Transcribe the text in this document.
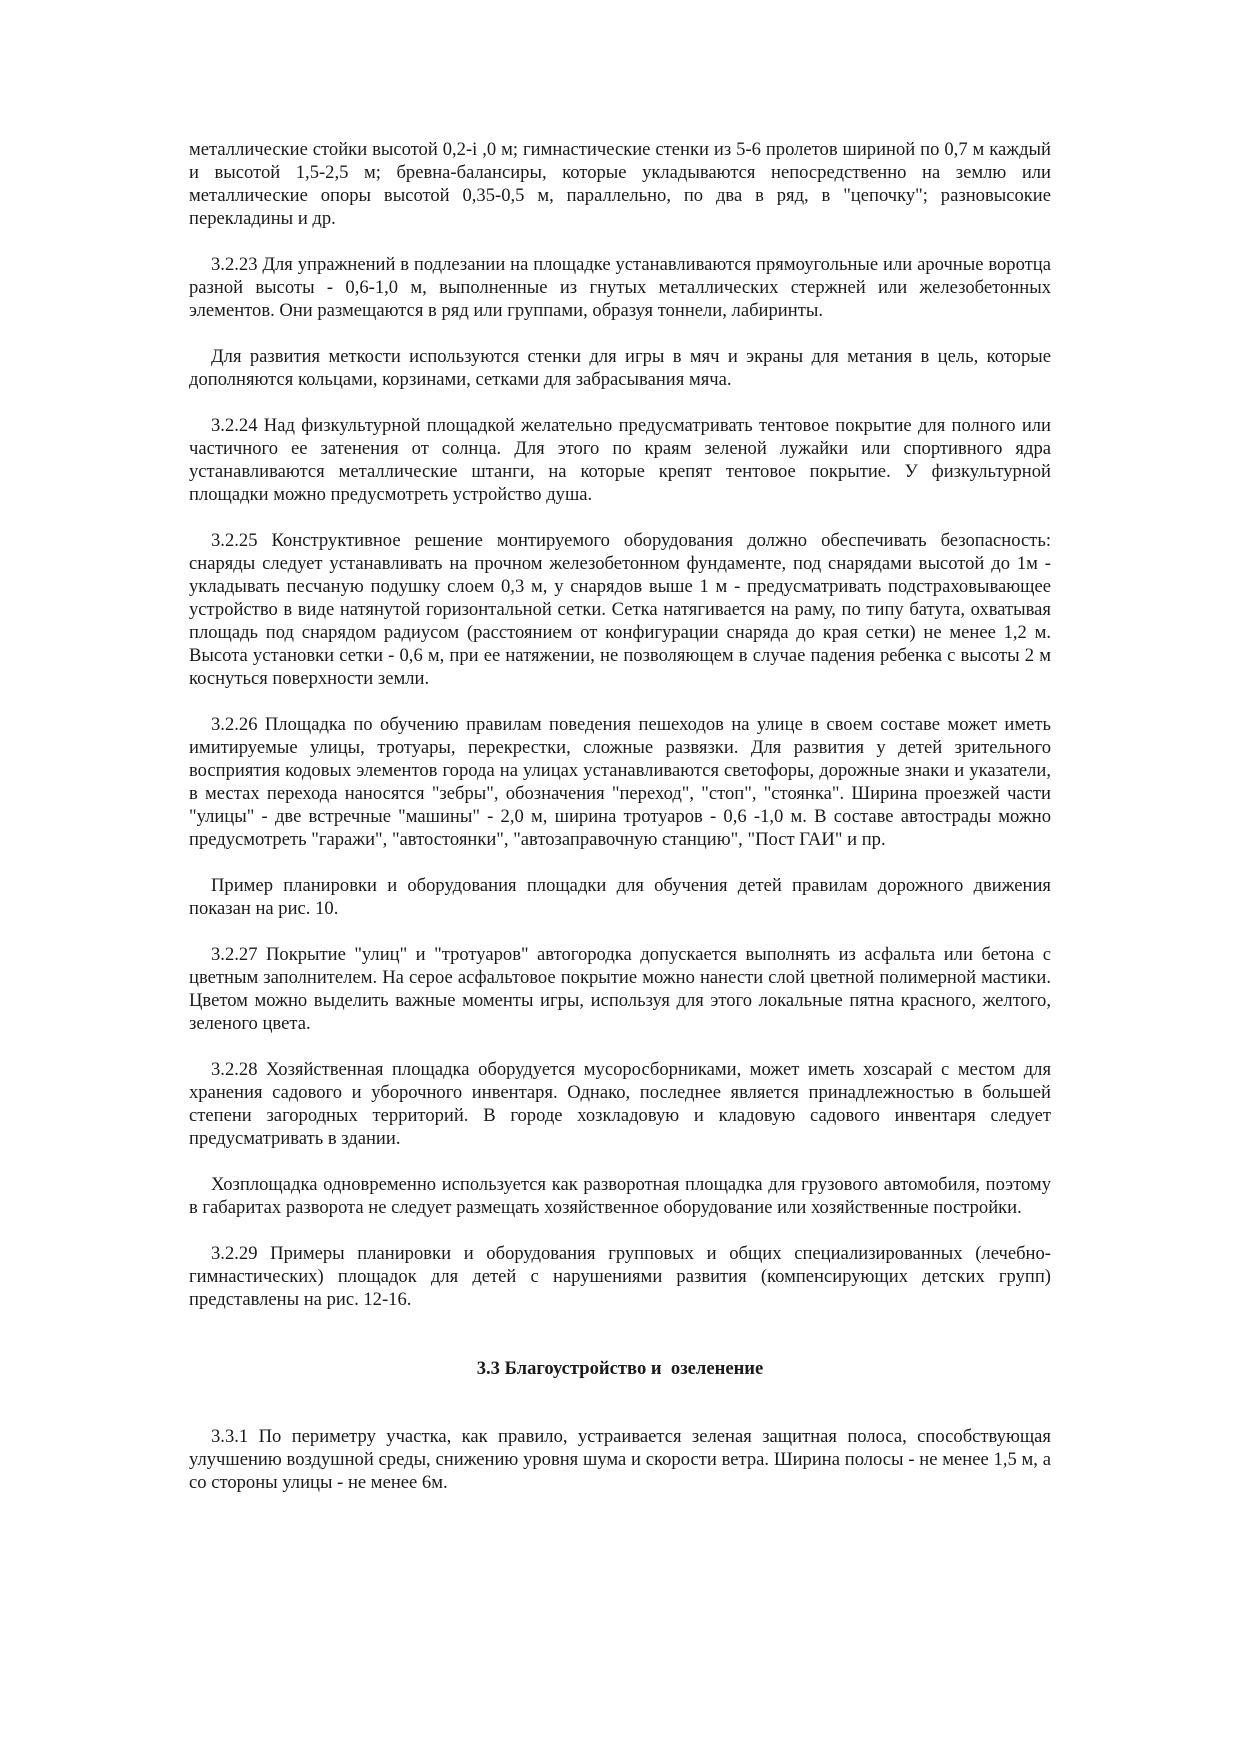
металлические стойки высотой 0,2-і ,0 м; гимнастические стенки из 5-6 пролетов шириной по 0,7 м каждый и высотой 1,5-2,5 м; бревна-балансиры, которые укладываются непосредственно на землю или металлические опоры высотой 0,35-0,5 м, параллельно, по два в ряд, в "цепочку"; разновысокие перекладины и др.

3.2.23 Для упражнений в подлезании на площадке устанавливаются прямоугольные или арочные воротца разной высоты - 0,6-1,0 м, выполненные из гнутых металлических стержней или железобетонных элементов. Они размещаются в ряд или группами, образуя тоннели, лабиринты.

Для развития меткости используются стенки для игры в мяч и экраны для метания в цель, которые дополняются кольцами, корзинами, сетками для забрасывания мяча.

3.2.24 Над физкультурной площадкой желательно предусматривать тентовое покрытие для полного или частичного ее затенения от солнца. Для этого по краям зеленой лужайки или спортивного ядра устанавливаются металлические штанги, на которые крепят тентовое покрытие. У физкультурной площадки можно предусмотреть устройство душа.

3.2.25 Конструктивное решение монтируемого оборудования должно обеспечивать безопасность: снаряды следует устанавливать на прочном железобетонном фундаменте, под снарядами высотой до 1м - укладывать песчаную подушку слоем 0,3 м, у снарядов выше 1 м - предусматривать подстраховывающее устройство в виде натянутой горизонтальной сетки. Сетка натягивается на раму, по типу батута, охватывая площадь под снарядом радиусом (расстоянием от конфигурации снаряда до края сетки) не менее 1,2 м. Высота установки сетки - 0,6 м, при ее натяжении, не позволяющем в случае падения ребенка с высоты 2 м коснуться поверхности земли.

3.2.26 Площадка по обучению правилам поведения пешеходов на улице в своем составе может иметь имитируемые улицы, тротуары, перекрестки, сложные развязки. Для развития у детей зрительного восприятия кодовых элементов города на улицах устанавливаются светофоры, дорожные знаки и указатели, в местах перехода наносятся "зебры", обозначения "переход", "стоп", "стоянка". Ширина проезжей части "улицы" - две встречные "машины" - 2,0 м, ширина тротуаров - 0,6 -1,0 м. В составе автострады можно предусмотреть "гаражи", "автостоянки", "автозаправочную станцию", "Пост ГАИ" и пр.

Пример планировки и оборудования площадки для обучения детей правилам дорожного движения показан на рис. 10.

3.2.27 Покрытие "улиц" и "тротуаров" автогородка допускается выполнять из асфальта или бетона с цветным заполнителем. На серое асфальтовое покрытие можно нанести слой цветной полимерной мастики. Цветом можно выделить важные моменты игры, используя для этого локальные пятна красного, желтого, зеленого цвета.

3.2.28 Хозяйственная площадка оборудуется мусоросборниками, может иметь хозсарай с местом для хранения садового и уборочного инвентаря. Однако, последнее является принадлежностью в большей степени загородных территорий. В городе хозкладовую и кладовую садового инвентаря следует предусматривать в здании.

Хозплощадка одновременно используется как разворотная площадка для грузового автомобиля, поэтому в габаритах разворота не следует размещать хозяйственное оборудование или хозяйственные постройки.

3.2.29 Примеры планировки и оборудования групповых и общих специализированных (лечебно-гимнастических) площадок для детей с нарушениями развития (компенсирующих детских групп) представлены на рис. 12-16.

3.3 Благоустройство и  озеленение

3.3.1 По периметру участка, как правило, устраивается зеленая защитная полоса, способствующая улучшению воздушной среды, снижению уровня шума и скорости ветра. Ширина полосы - не менее 1,5 м, а со стороны улицы - не менее 6м.
